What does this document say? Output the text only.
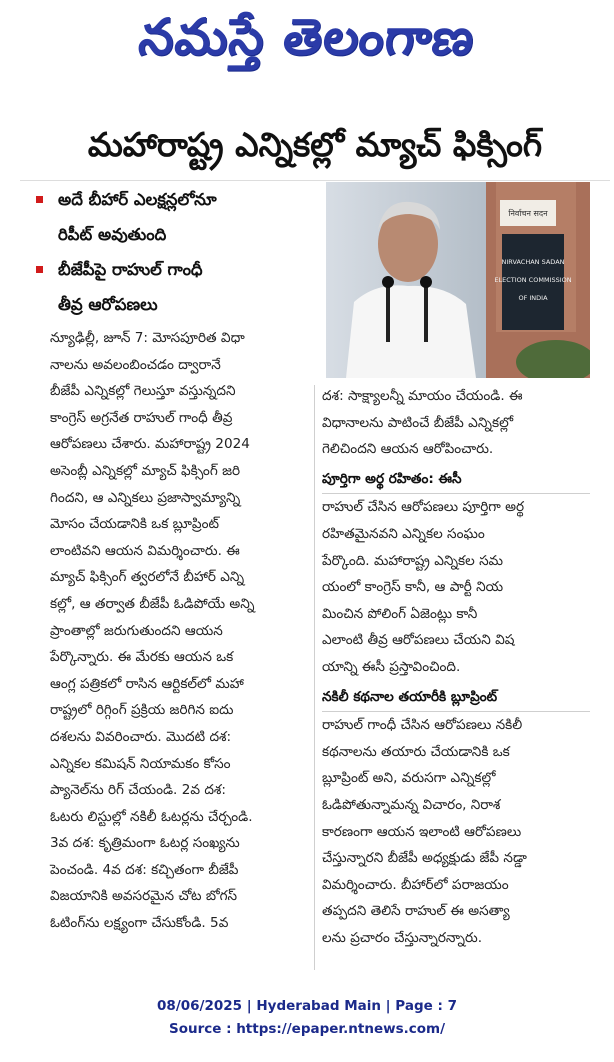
నమస్తే తెలంగాణ
మహారాష్ట్ర ఎన్నికల్లో మ్యాచ్ ఫిక్సింగ్
అదే బీహార్ ఎలక్షన్లలోనూ
రిపీట్ అవుతుంది
బీజేపీపై రాహుల్ గాంధీ
తీవ్ర ఆరోపణలు
निर्वाचन सदन
NIRVACHAN SADAN
ELECTION COMMISSION
OF INDIA

న్యూఢిల్లీ, జూన్ 7: మోసపూరిత విధా

నాలను అవలంబించడం ద్వారానే

బీజేపీ ఎన్నికల్లో గెలుస్తూ వస్తున్నదని

కాంగ్రెస్ అగ్రనేత రాహుల్ గాంధీ తీవ్ర

ఆరోపణలు చేశారు. మహారాష్ట్ర 2024

అసెంబ్లీ ఎన్నికల్లో మ్యాచ్ ఫిక్సింగ్ జరి

గిందని, ఆ ఎన్నికలు ప్రజాస్వామ్యాన్ని

మోసం చేయడానికి ఒక బ్లూప్రింట్

లాంటివని ఆయన విమర్శించారు. ఈ

మ్యాచ్ ఫిక్సింగ్ త్వరలోనే బీహార్ ఎన్ని

కల్లో, ఆ తర్వాత బీజేపీ ఓడిపోయే అన్ని

ప్రాంతాల్లో జరుగుతుందని ఆయన

పేర్కొన్నారు. ఈ మేరకు ఆయన ఒక

ఆంగ్ల పత్రికలో రాసిన ఆర్టికల్‌లో మహా

రాష్ట్రలో రిగ్గింగ్ ప్రక్రియ జరిగిన ఐదు

దశలను వివరించారు. మొదటి దశ:

ఎన్నికల కమిషన్ నియామకం కోసం

ప్యానెల్‌ను రిగ్ చేయండి. 2వ దశ:

ఓటరు లిస్టుల్లో నకిలీ ఓటర్లను చేర్చండి.

3వ దశ: కృత్రిమంగా ఓటర్ల సంఖ్యను

పెంచండి. 4వ దశ: కచ్చితంగా బీజేపీ

విజయానికి అవసరమైన చోట బోగస్

ఓటింగ్‌ను లక్ష్యంగా చేసుకోండి. 5వ

దశ: సాక్ష్యాలన్నీ మాయం చేయండి. ఈ

విధానాలను పాటించే బీజేపీ ఎన్నికల్లో

గెలిచిందని ఆయన ఆరోపించారు.

పూర్తిగా అర్థ రహితం: ఈసీ

రాహుల్ చేసిన ఆరోపణలు పూర్తిగా అర్థ

రహితమైనవని ఎన్నికల సంఘం

పేర్కొంది. మహారాష్ట్ర ఎన్నికల సమ

యంలో కాంగ్రెస్ కానీ, ఆ పార్టీ నియ

మించిన పోలింగ్ ఏజెంట్లు కానీ

ఎలాంటి తీవ్ర ఆరోపణలు చేయని విష

యాన్ని ఈసీ ప్రస్తావించింది.

నకిలీ కథనాల తయారీకి బ్లూప్రింట్

రాహుల్ గాంధీ చేసిన ఆరోపణలు నకిలీ

కథనాలను తయారు చేయడానికి ఒక

బ్లూప్రింట్ అని, వరుసగా ఎన్నికల్లో

ఓడిపోతున్నామన్న విచారం, నిరాశ

కారణంగా ఆయన ఇలాంటి ఆరోపణలు

చేస్తున్నారని బీజేపీ అధ్యక్షుడు జేపీ నడ్డా

విమర్శించారు. బీహార్‌లో పరాజయం

తప్పదని తెలిసే రాహుల్ ఈ అసత్యా

లను ప్రచారం చేస్తున్నారన్నారు.

08/06/2025 | Hyderabad Main | Page : 7
Source : https://epaper.ntnews.com/
